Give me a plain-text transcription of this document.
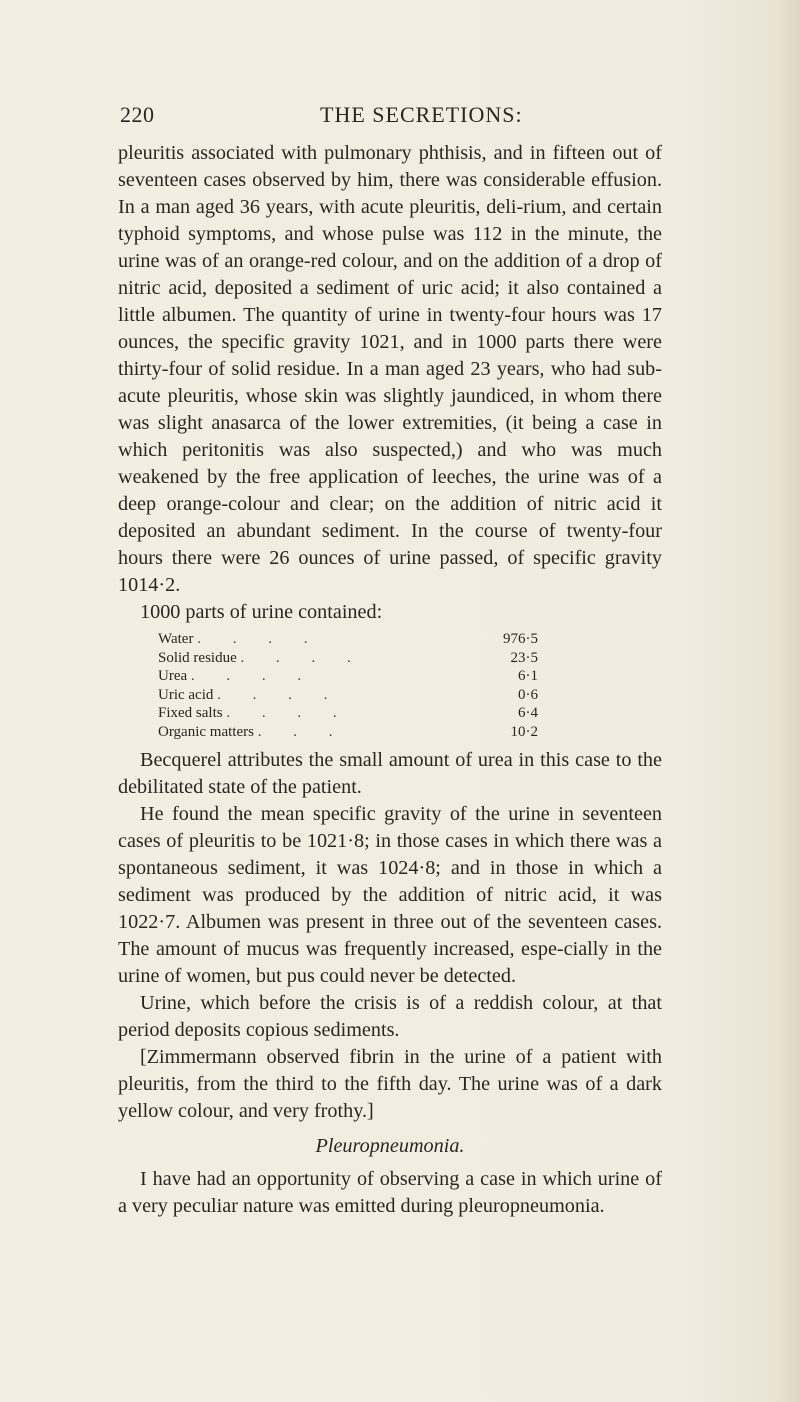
220	THE SECRETIONS:

pleuritis associated with pulmonary phthisis, and in fifteen out of seventeen cases observed by him, there was considerable effusion. In a man aged 36 years, with acute pleuritis, deli-rium, and certain typhoid symptoms, and whose pulse was 112 in the minute, the urine was of an orange-red colour, and on the addition of a drop of nitric acid, deposited a sediment of uric acid; it also contained a little albumen. The quantity of urine in twenty-four hours was 17 ounces, the specific gravity 1021, and in 1000 parts there were thirty-four of solid residue. In a man aged 23 years, who had sub-acute pleuritis, whose skin was slightly jaundiced, in whom there was slight anasarca of the lower extremities, (it being a case in which peritonitis was also suspected,) and who was much weakened by the free application of leeches, the urine was of a deep orange-colour and clear; on the addition of nitric acid it deposited an abundant sediment. In the course of twenty-four hours there were 26 ounces of urine passed, of specific gravity 1014·2.

1000 parts of urine contained:

Water . . . .	976·5
Solid residue . . . .	23·5
Urea . . . .	6·1
Uric acid . . . .	0·6
Fixed salts . . . .	6·4
Organic matters . . .	10·2

Becquerel attributes the small amount of urea in this case to the debilitated state of the patient.

He found the mean specific gravity of the urine in seventeen cases of pleuritis to be 1021·8; in those cases in which there was a spontaneous sediment, it was 1024·8; and in those in which a sediment was produced by the addition of nitric acid, it was 1022·7. Albumen was present in three out of the seventeen cases. The amount of mucus was frequently increased, espe-cially in the urine of women, but pus could never be detected.

Urine, which before the crisis is of a reddish colour, at that period deposits copious sediments.

[Zimmermann observed fibrin in the urine of a patient with pleuritis, from the third to the fifth day. The urine was of a dark yellow colour, and very frothy.]

Pleuropneumonia.

I have had an opportunity of observing a case in which urine of a very peculiar nature was emitted during pleuropneumonia.
